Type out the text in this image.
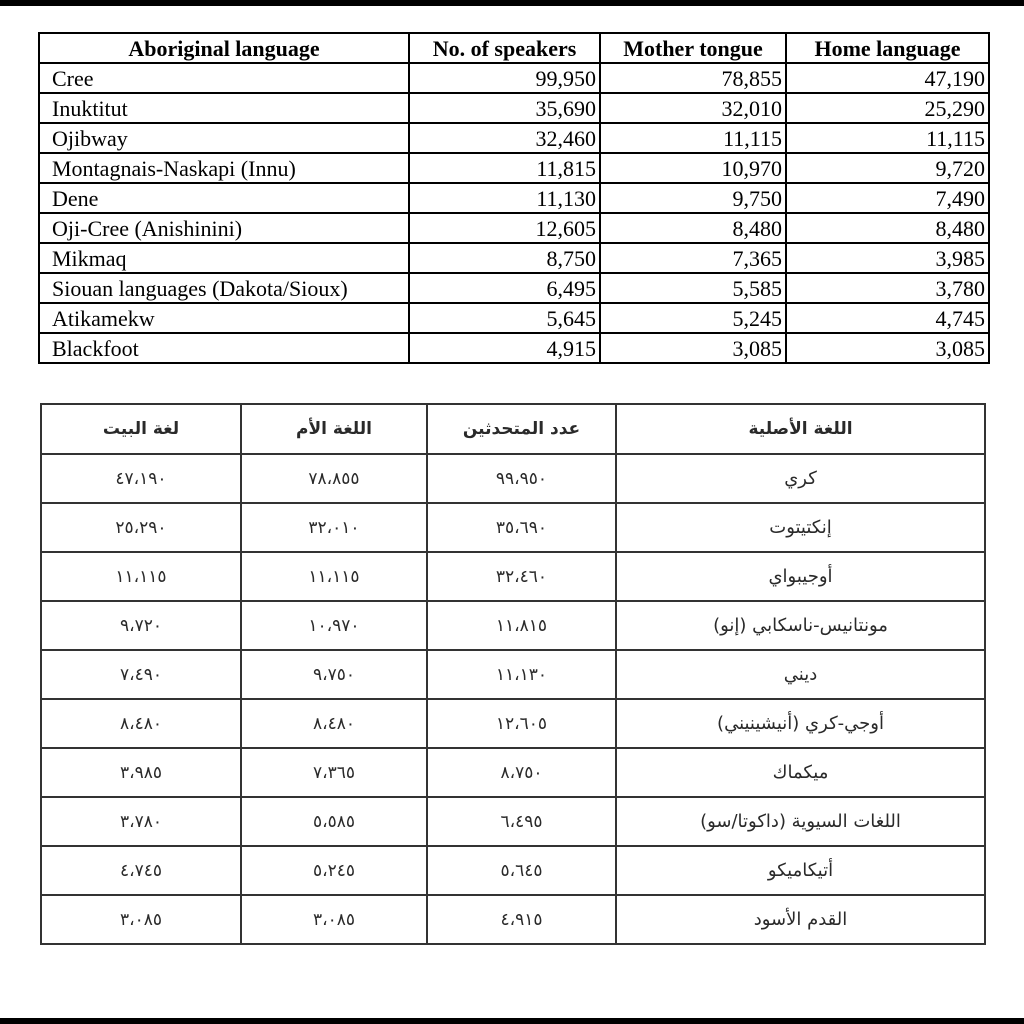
Aboriginal language	No. of speakers	Mother tongue	Home language
Cree	99,950	78,855	47,190
Inuktitut	35,690	32,010	25,290
Ojibway	32,460	11,115	11,115
Montagnais-Naskapi (Innu)	11,815	10,970	9,720
Dene	11,130	9,750	7,490
Oji-Cree (Anishinini)	12,605	8,480	8,480
Mikmaq	8,750	7,365	3,985
Siouan languages (Dakota/Sioux)	6,495	5,585	3,780
Atikamekw	5,645	5,245	4,745
Blackfoot	4,915	3,085	3,085
اللغة الأصلية	عدد المتحدثين	اللغة الأم	لغة البيت
كري	٩٩،٩٥٠	٧٨،٨٥٥	٤٧،١٩٠
إنكتيتوت	٣٥،٦٩٠	٣٢،٠١٠	٢٥،٢٩٠
أوجيبواي	٣٢،٤٦٠	١١،١١٥	١١،١١٥
مونتانيس-ناسكابي (إنو)	١١،٨١٥	١٠،٩٧٠	٩،٧٢٠
ديني	١١،١٣٠	٩،٧٥٠	٧،٤٩٠
أوجي-كري (أنيشينيني)	١٢،٦٠٥	٨،٤٨٠	٨،٤٨٠
ميكماك	٨،٧٥٠	٧،٣٦٥	٣،٩٨٥
اللغات السيوية (داكوتا/سو)	٦،٤٩٥	٥،٥٨٥	٣،٧٨٠
أتيكاميكو	٥،٦٤٥	٥،٢٤٥	٤،٧٤٥
القدم الأسود	٤،٩١٥	٣،٠٨٥	٣،٠٨٥
